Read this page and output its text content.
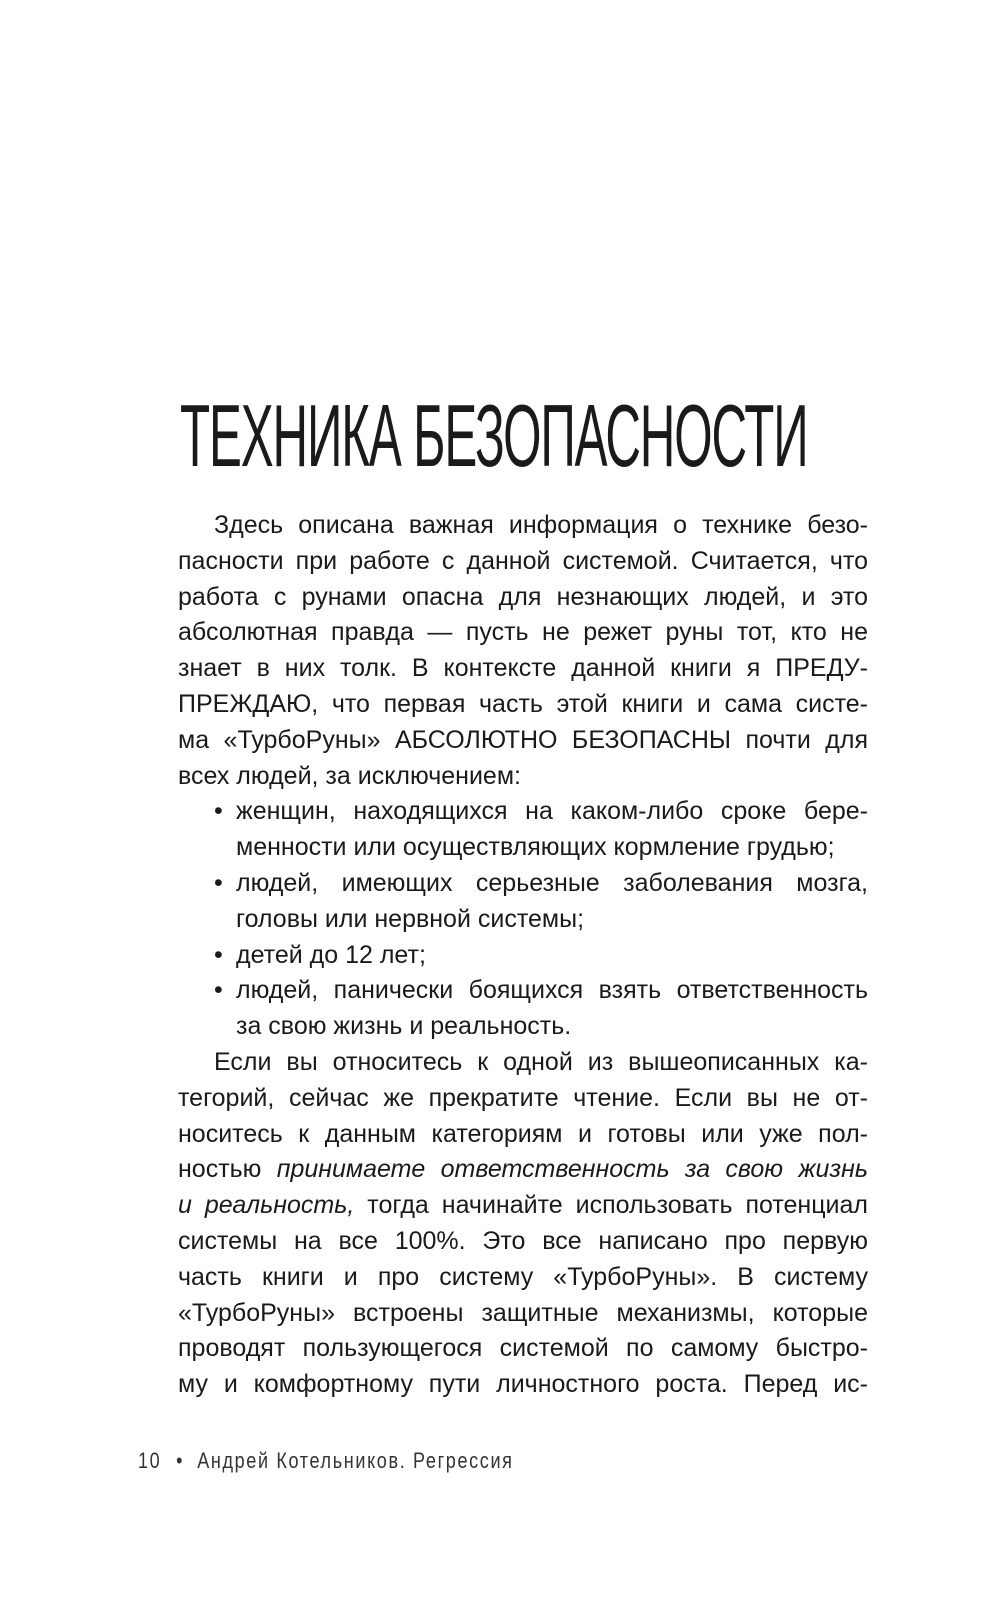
ТЕХНИКА БЕЗОПАСНОСТИ
Здесь описана важная информация о технике безо-
пасности при работе с данной системой. Считается, что
работа с рунами опасна для незнающих людей, и это
абсолютная правда — пусть не режет руны тот, кто не
знает в них толк. В контексте данной книги я ПРЕДУ-
ПРЕЖДАЮ, что первая часть этой книги и сама систе-
ма «ТурбоРуны» АБСОЛЮТНО БЕЗОПАСНЫ почти для
всех людей, за исключением:
• женщин, находящихся на каком-либо сроке бере-
менности или осуществляющих кормление грудью;
• людей, имеющих серьезные заболевания мозга,
головы или нервной системы;
• детей до 12 лет;
• людей, панически боящихся взять ответственность
за свою жизнь и реальность.
Если вы относитесь к одной из вышеописанных ка-
тегорий, сейчас же прекратите чтение. Если вы не от-
носитесь к данным категориям и готовы или уже пол-
ностью принимаете ответственность за свою жизнь
и реальность, тогда начинайте использовать потенциал
системы на все 100%. Это все написано про первую
часть книги и про систему «ТурбоРуны». В систему
«ТурбоРуны» встроены защитные механизмы, которые
проводят пользующегося системой по самому быстро-
му и комфортному пути личностного роста. Перед ис-
10 • Андрей Котельников. Регрессия
